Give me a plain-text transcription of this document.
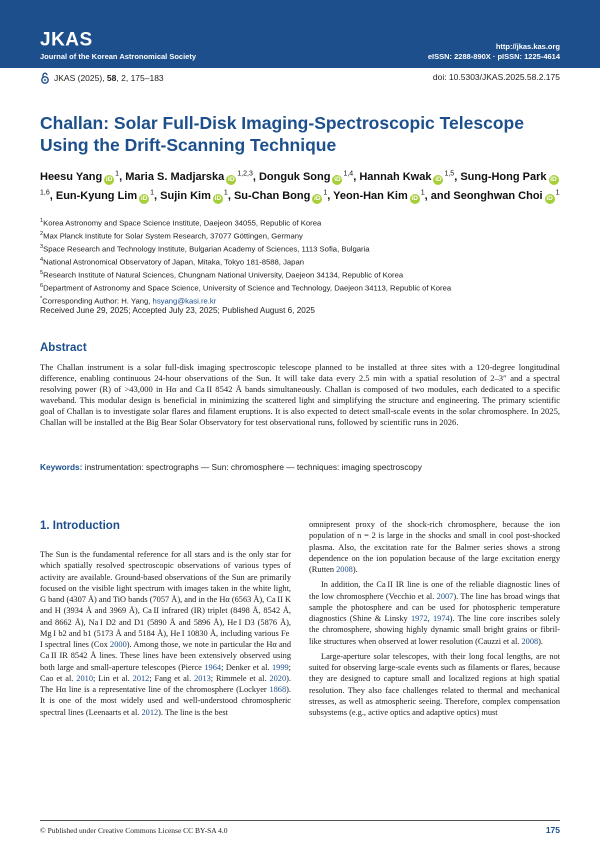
JKAS
Journal of the Korean Astronomical Society
http://jkas.kas.org
eISSN: 2288-890X · pISSN: 1225-4614
JKAS (2025), 58, 2, 175–183	doi: 10.5303/JKAS.2025.58.2.175
Challan: Solar Full-Disk Imaging-Spectroscopic Telescope Using the Drift-Scanning Technique
Heesu Yang iD$^1$, Maria S. Madjarska iD$^{1,2,3}$, Donguk Song iD$^{1,4}$, Hannah Kwak iD$^{1,5}$, Sung-Hong Park iD$^{1,6}$, Eun-Kyung Lim iD$^1$, Sujin Kim iD$^1$, Su-Chan Bong iD$^1$, Yeon-Han Kim iD$^1$, and Seonghwan Choi iD$^1$
$^1$Korea Astronomy and Space Science Institute, Daejeon 34055, Republic of Korea
$^2$Max Planck Institute for Solar System Research, 37077 Göttingen, Germany
$^3$Space Research and Technology Institute, Bulgarian Academy of Sciences, 1113 Sofia, Bulgaria
$^4$National Astronomical Observatory of Japan, Mitaka, Tokyo 181-8588, Japan
$^5$Research Institute of Natural Sciences, Chungnam National University, Daejeon 34134, Republic of Korea
$^6$Department of Astronomy and Space Science, University of Science and Technology, Daejeon 34113, Republic of Korea
*Corresponding Author: H. Yang, hsyang@kasi.re.kr
Received June 29, 2025; Accepted July 23, 2025; Published August 6, 2025
Abstract
The Challan instrument is a solar full-disk imaging spectroscopic telescope planned to be installed at three sites with a 120-degree longitudinal difference, enabling continuous 24-hour observations of the Sun. It will take data every 2.5 min with a spatial resolution of 2–3″ and a spectral resolving power (R) of >43,000 in Hα and Ca II 8542 Å bands simultaneously. Challan is composed of two modules, each dedicated to a specific waveband. This modular design is beneficial in minimizing the scattered light and simplifying the structure and engineering. The primary scientific goal of Challan is to investigate solar flares and filament eruptions. It is also expected to detect small-scale events in the solar chromosphere. In 2025, Challan will be installed at the Big Bear Solar Observatory for test observational runs, followed by scientific runs in 2026.
Keywords: instrumentation: spectrographs — Sun: chromosphere — techniques: imaging spectroscopy
1. Introduction

The Sun is the fundamental reference for all stars and is the only star for which spatially resolved spectroscopic observations of various types of activity are available. Ground-based observations of the Sun are primarily focused on the visible light spectrum with images taken in the white light, G band (4307 Å) and TiO bands (7057 Å), and in the Hα (6563 Å), Ca II K and H (3934 Å and 3969 Å), Ca II infrared (IR) triplet (8498 Å, 8542 Å, and 8662 Å), Na I D2 and D1 (5890 Å and 5896 Å), He I D3 (5876 Å), Mg I b2 and b1 (5173 Å and 5184 Å), He I 10830 Å, including various Fe I spectral lines (Cox 2000). Among those, we note in particular the Hα and Ca II IR 8542 Å lines. These lines have been extensively observed using both large and small-aperture telescopes (Pierce 1964; Denker et al. 1999; Cao et al. 2010; Lin et al. 2012; Fang et al. 2013; Rimmele et al. 2020). The Hα line is a representative line of the chromosphere (Lockyer 1868). It is one of the most widely used and well-understood chromospheric spectral lines (Leenaarts et al. 2012). The line is the best

omnipresent proxy of the shock-rich chromosphere, because the ion population of n = 2 is large in the shocks and small in cool post-shocked plasma. Also, the excitation rate for the Balmer series shows a strong dependence on the ion population because of the large excitation energy (Rutten 2008).

In addition, the Ca II IR line is one of the reliable diagnostic lines of the low chromosphere (Vecchio et al. 2007). The line has broad wings that sample the photosphere and can be used for photospheric temperature diagnostics (Shine & Linsky 1972, 1974). The line core inscribes solely the chromosphere, showing highly dynamic small bright grains or fibril-like structures when observed at lower resolution (Cauzzi et al. 2008).

Large-aperture solar telescopes, with their long focal lengths, are not suited for observing large-scale events such as filaments or flares, because they are designed to capture small and localized regions at high spatial resolution. They also face challenges related to thermal and mechanical stresses, as well as atmospheric seeing. Therefore, complex compensation subsystems (e.g., active optics and adaptive optics) must

© Published under Creative Commons License CC BY-SA 4.0	175
